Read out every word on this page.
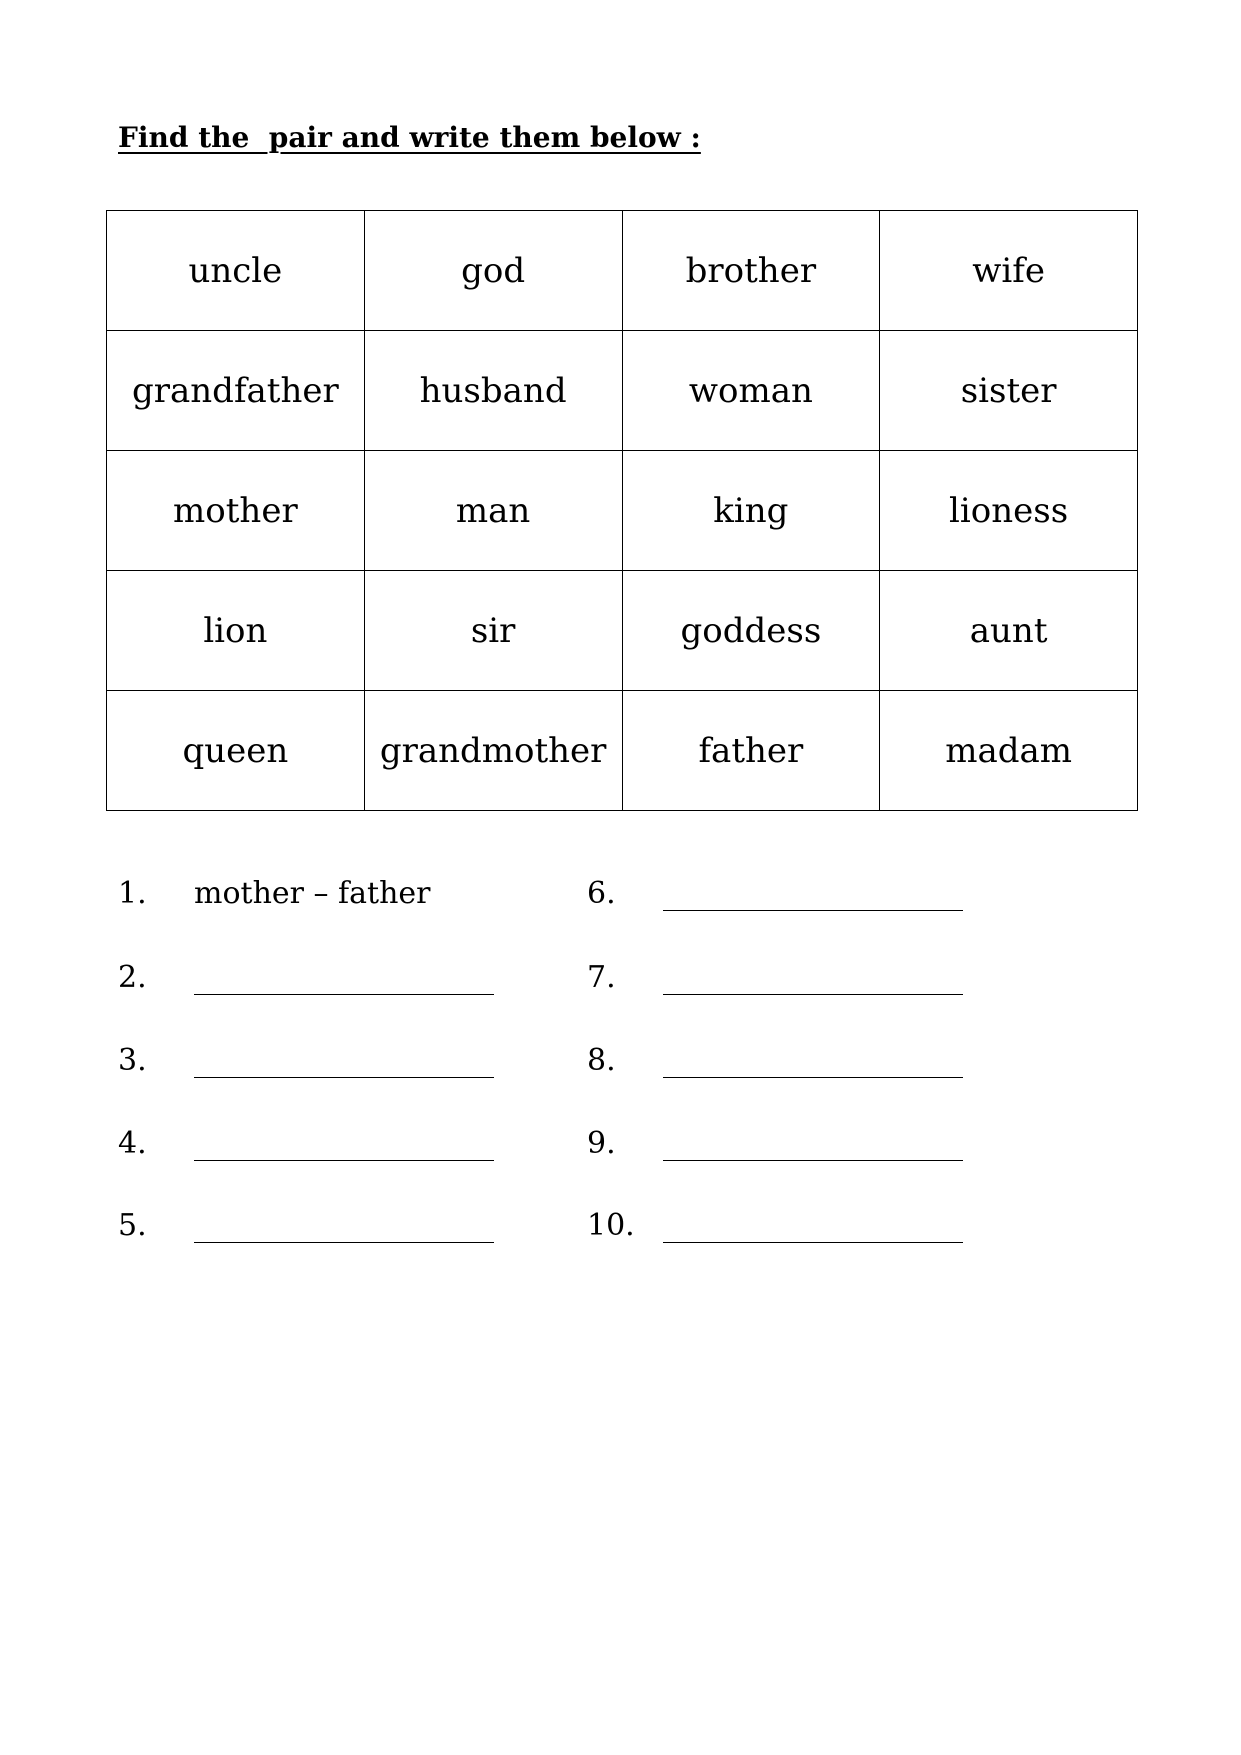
Find the  pair and write them below :
uncle	god	brother	wife
grandfather	husband	woman	sister
mother	man	king	lioness
lion	sir	goddess	aunt
queen	grandmother	father	madam
1. mother – father
2.
3.
4.
5.
6.
7.
8.
9.
10.
